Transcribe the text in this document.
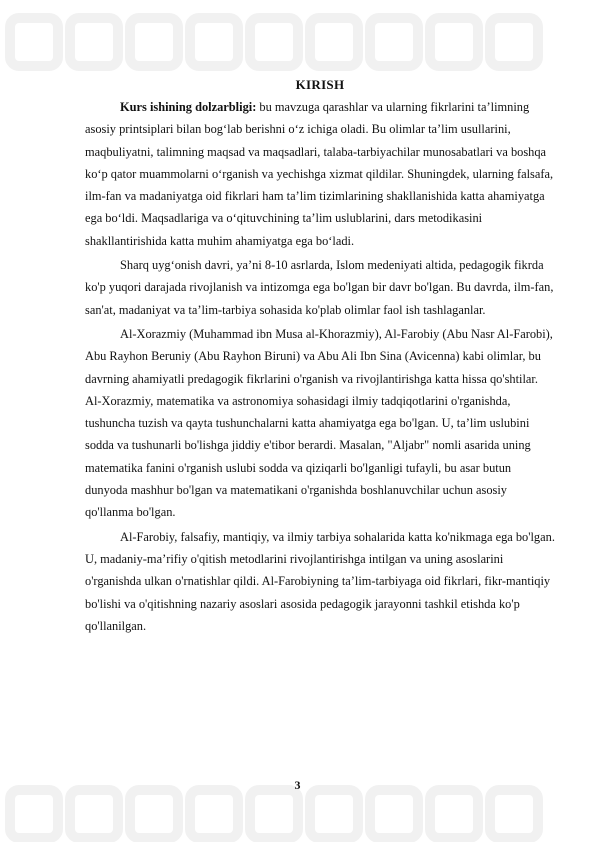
KIRISH

Kurs ishining dolzarbligi: bu mavzuga qarashlar va ularning fikrlarini ta’limning asosiy printsiplari bilan bog‘lab berishni o‘z ichiga oladi. Bu olimlar ta’lim usullarini, maqbuliyatni, talimning maqsad va maqsadlari, talaba-tarbiyachilar munosabatlari va boshqa ko‘p qator muammolarni o‘rganish va yechishga xizmat qildilar. Shuningdek, ularning falsafa, ilm-fan va madaniyatga oid fikrlari ham ta’lim tizimlarining shakllanishida katta ahamiyatga ega bo‘ldi. Maqsadlariga va o‘qituvchining ta’lim uslublarini, dars metodikasini shakllantirishida katta muhim ahamiyatga ega bo‘ladi.

Sharq uyg‘onish davri, ya’ni 8-10 asrlarda, Islom medeniyati altida, pedagogik fikrda ko'p yuqori darajada rivojlanish va intizomga ega bo'lgan bir davr bo'lgan. Bu davrda, ilm-fan, san'at, madaniyat va ta’lim-tarbiya sohasida ko'plab olimlar faol ish tashlaganlar.

Al-Xorazmiy (Muhammad ibn Musa al-Khorazmiy), Al-Farobiy (Abu Nasr Al-Farobi), Abu Rayhon Beruniy (Abu Rayhon Biruni) va Abu Ali Ibn Sina (Avicenna) kabi olimlar, bu davrning ahamiyatli predagogik fikrlarini o'rganish va rivojlantirishga katta hissa qo'shtilar. Al-Xorazmiy, matematika va astronomiya sohasidagi ilmiy tadqiqotlarini o'rganishda, tushuncha tuzish va qayta tushunchalarni katta ahamiyatga ega bo'lgan. U, ta’lim uslubini sodda va tushunarli bo'lishga jiddiy e'tibor berardi. Masalan, "Aljabr" nomli asarida uning matematika fanini o'rganish uslubi sodda va qiziqarli bo'lganligi tufayli, bu asar butun dunyoda mashhur bo'lgan va matematikani o'rganishda boshlanuvchilar uchun asosiy qo'llanma bo'lgan.

Al-Farobiy, falsafiy, mantiqiy, va ilmiy tarbiya sohalarida katta ko'nikmaga ega bo'lgan. U, madaniy-ma’rifiy o'qitish metodlarini rivojlantirishga intilgan va uning asoslarini o'rganishda ulkan o'rnatishlar qildi. Al-Farobiyning ta’lim-tarbiyaga oid fikrlari, fikr-mantiqiy bo'lishi va o'qitishning nazariy asoslari asosida pedagogik jarayonni tashkil etishda ko'p qo'llanilgan.

3
